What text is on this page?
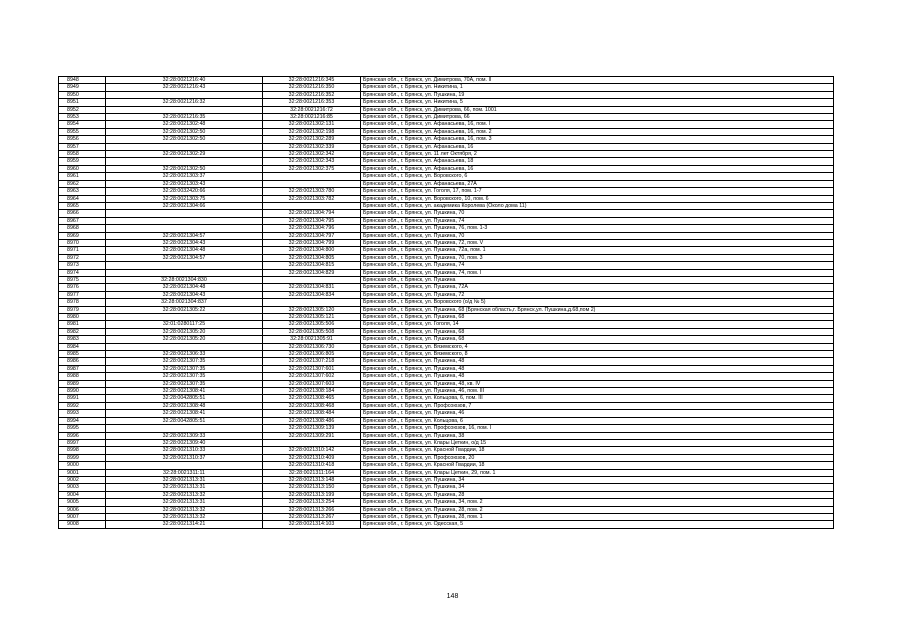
8948	32:28:0021216:40	32:28:0021216:345	Брянская обл., г. Брянск, ул. Димитрова, 70А, пом. II
8949	32:28:0021216:43	32:28:0021216:350	Брянская обл., г. Брянск, ул. Никитина, 1
8950		32:28:0021216:352	Брянская обл., г. Брянск, ул. Пушкина, 19
8951	32:28:0021216:32	32:28:0021216:353	Брянская обл., г. Брянск, ул. Никитина, 5
8952		32:28:0021216:72	Брянская обл., г. Брянск, ул. Димитрова, 66, пом. 1001
8953	32:28:0021216:35	32:28:0021216:85	Брянская обл., г. Брянск, ул. Димитрова, 66
8954	32:28:0021302:48	32:28:0021302:131	Брянская обл., г. Брянск, ул. Афанасьева, 16, пом. I
8955	32:28:0021302:50	32:28:0021302:198	Брянская обл., г. Брянск, ул. Афанасьева, 16, пом. 2
8956	32:28:0021302:50	32:28:0021302:289	Брянская обл., г. Брянск, ул. Афанасьева, 16, пом. 3
8957		32:28:0021302:339	Брянская обл., г. Брянск, ул. Афанасьева, 16
8958	32:28:0021302:29	32:28:0021302:342	Брянская обл., г. Брянск, ул. 11 лет Октября, 2
8959		32:28:0021302:343	Брянская обл., г. Брянск, ул. Афанасьева, 18
8960	32:28:0021302:50	32:28:0021302:375	Брянская обл., г. Брянск, ул. Афанасьева, 16
8961	32:28:0021303:37		Брянская обл., г. Брянск, ул. Воровского, 6
8962	32:28:0021303:43		Брянская обл., г. Брянск, ул. Афанасьева, 27А
8963	32:28:0032420:66	32:28:0021303:780	Брянская обл., г. Брянск, ул. Гоголя, 17, пом. 1-7
8964	32:28:0021303:75	32:28:0021303:782	Брянская обл., г. Брянск, ул. Воровского, 10, пом. 6
8965	32:28:0021304:66		Брянская обл., г. Брянск, ул. академика Королева (Около дома 11)
8966		32:28:0021304:794	Брянская обл., г. Брянск, ул. Пушкина, 70
8967		32:28:0021304:795	Брянская обл., г. Брянск, ул. Пушкина, 74
8968		32:28:0021304:796	Брянская обл., г. Брянск, ул. Пушкина, 76, пом. 1-3
8969	32:28:0021304:57	32:28:0021304:797	Брянская обл., г. Брянск, ул. Пушкина, 70
8970	32:28:0021304:43	32:28:0021304:799	Брянская обл., г. Брянск, ул. Пушкина, 72, пом. V
8971	32:28:0021304:48	32:28:0021304:800	Брянская обл., г. Брянск, ул. Пушкина, 72а, пом. 1
8972	32:28:0021304:57	32:28:0021304:805	Брянская обл., г. Брянск, ул. Пушкина, 70, пом. 3
8973		32:28:0021304:815	Брянская обл., г. Брянск, ул. Пушкина, 74
8974		32:28:0021304:829	Брянская обл., г. Брянск, ул. Пушкина, 74, пом. I
8975	32:28:0021304:830		Брянская обл., г. Брянск, ул. Пушкина
8976	32:28:0021304:48	32:28:0021304:831	Брянская обл., г. Брянск, ул. Пушкина, 72А
8977	32:28:0021304:43	32:28:0021304:834	Брянская обл., г. Брянск, ул. Пушкина, 72
8978	32:28:0021304:837		Брянская обл., г. Брянск, ул. Воровского (о/д № 5)
8979	32:28:0021305:22	32:28:0021305:120	Брянская обл., г. Брянск, ул. Пушкина, 68 (Брянская область,г. Брянск,ул. Пушкина,д.68,пом 2)
8980		32:28:0021305:121	Брянская обл., г. Брянск, ул. Пушкина, 68
8981	32:01:0280117:25	32:28:0021305:506	Брянская обл., г. Брянск, ул. Гоголя, 14
8982	32:28:0021305:20	32:28:0021305:508	Брянская обл., г. Брянск, ул. Пушкина, 68
8983	32:28:0021305:20	32:28:0021305:91	Брянская обл., г. Брянск, ул. Пушкина, 68
8984		32:28:0021306:730	Брянская обл., г. Брянск, ул. Вяземского, 4
8985	32:28:0021306:33	32:28:0021306:805	Брянская обл., г. Брянск, ул. Вяземского, 8
8986	32:28:0021307:35	32:28:0021307:218	Брянская обл., г. Брянск, ул. Пушкина, 48
8987	32:28:0021307:35	32:28:0021307:601	Брянская обл., г. Брянск, ул. Пушкина, 48
8988	32:28:0021307:35	32:28:0021307:602	Брянская обл., г. Брянск, ул. Пушкина, 48
8989	32:28:0021307:35	32:28:0021307:603	Брянская обл., г. Брянск, ул. Пушкина, 48, кв. IV
8990	32:28:0021308:41	32:28:0021308:184	Брянская обл., г. Брянск, ул. Пушкина, 46, пом. III
8991	32:28:0042805:51	32:28:0021308:465	Брянская обл., г. Брянск, ул. Кольцова, 6, пом. III
8992	32:28:0021308:48	32:28:0021308:468	Брянская обл., г. Брянск, ул. Профсоюзов, 7
8993	32:28:0021308:41	32:28:0021308:484	Брянская обл., г. Брянск, ул. Пушкина, 46
8994	32:28:0042805:51	32:28:0021308:486	Брянская обл., г. Брянск, ул. Кольцова, 6
8995		32:28:0021309:139	Брянская обл., г. Брянск, ул. Профсоюзов, 16, пом. I
8996	32:28:0021309:33	32:28:0021309:291	Брянская обл., г. Брянск, ул. Пушкина, 38
8997	32:28:0021309:40		Брянская обл., г. Брянск, ул. Клары Цеткин, о/д 15
8998	32:28:0021310:33	32:28:0021310:142	Брянская обл., г. Брянск, ул. Красной Гвардии, 18
8999	32:28:0021310:37	32:28:0021310:409	Брянская обл., г. Брянск, ул. Профсоюзов, 20
9000		32:28:0021310:418	Брянская обл., г. Брянск, ул. Красной Гвардии, 18
9001	32:28:0021311:11	32:28:0021311:164	Брянская обл., г. Брянск, ул. Клары Цеткин, 29, пом. 1
9002	32:28:0021313:31	32:28:0021313:148	Брянская обл., г. Брянск, ул. Пушкина, 34
9003	32:28:0021313:31	32:28:0021313:150	Брянская обл., г. Брянск, ул. Пушкина, 34
9004	32:28:0021313:32	32:28:0021313:199	Брянская обл., г. Брянск, ул. Пушкина, 28
9005	32:28:0021313:31	32:28:0021313:254	Брянская обл., г. Брянск, ул. Пушкина, 34, пом. 2
9006	32:28:0021313:32	32:28:0021313:266	Брянская обл., г. Брянск, ул. Пушкина, 28, пом. 2
9007	32:28:0021313:32	32:28:0021313:267	Брянская обл., г. Брянск, ул. Пушкина, 28, пом. 1
9008	32:28:0021314:21	32:28:0021314:103	Брянская обл., г. Брянск, ул. Одесская, 5
148
